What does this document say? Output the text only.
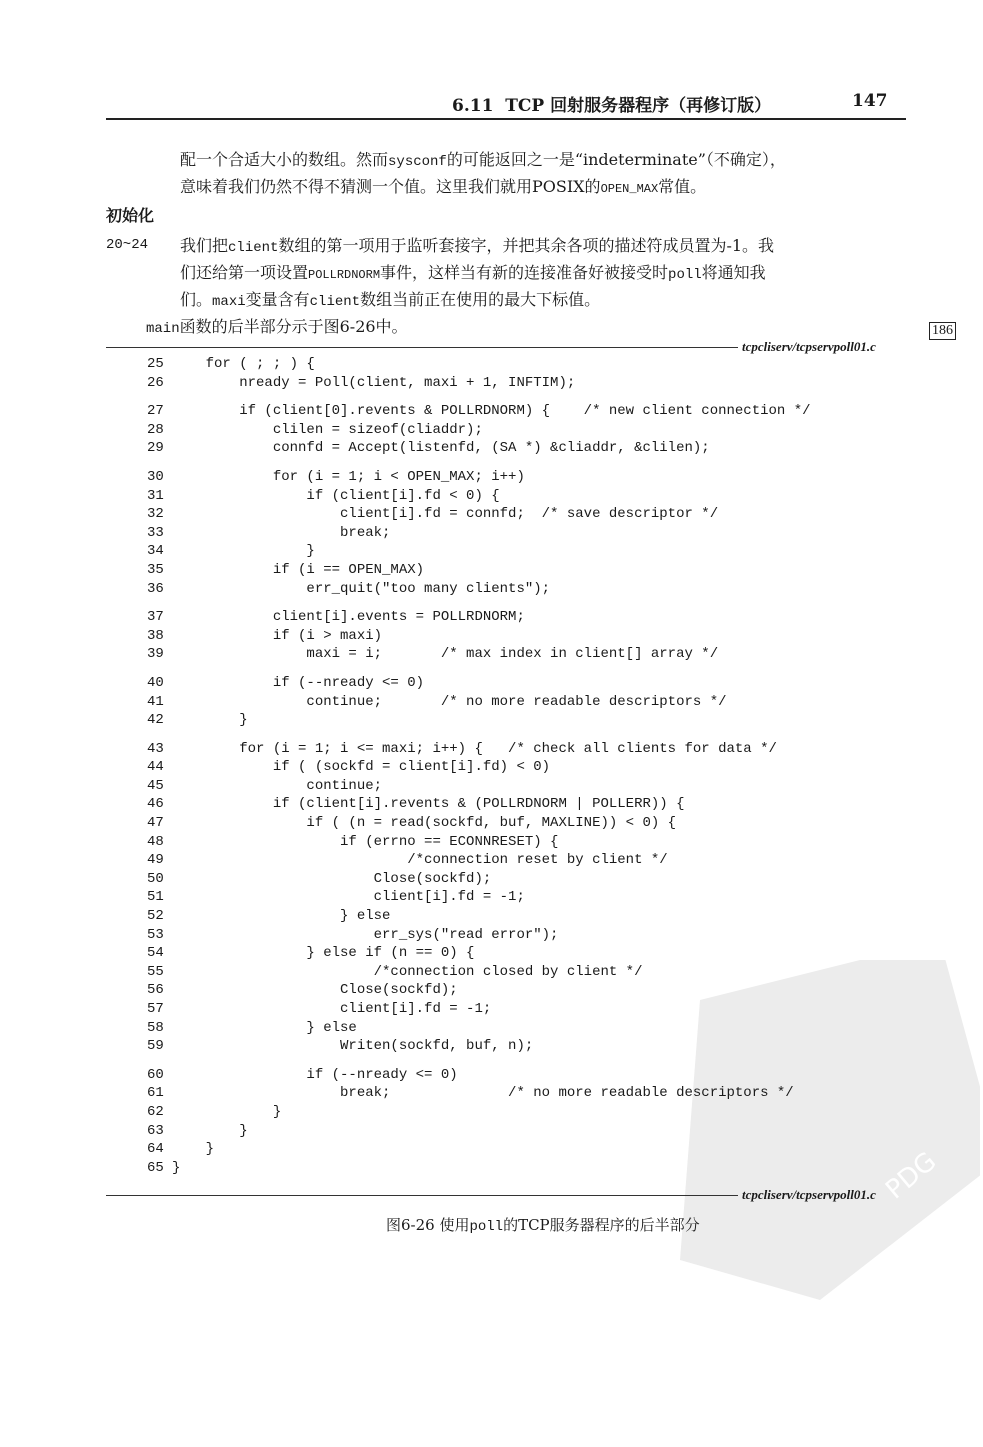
PDG
6.11  TCP 回射服务器程序（再修订版）	147
配一个合适大小的数组。然而sysconf的可能返回之一是“indeterminate”（不确定），
意味着我们仍然不得不猜测一个值。这里我们就用POSIX的OPEN_MAX常值。
初始化
20~24 我们把client数组的第一项用于监听套接字，并把其余各项的描述符成员置为-1。我
们还给第一项设置POLLRDNORM事件，这样当有新的连接准备好被接受时poll将通知我
们。maxi变量含有client数组当前正在使用的最大下标值。
main函数的后半部分示于图6-26中。	186
tcpcliserv/tcpservpoll01.c
25 for ( ; ; ) {
26 nready = Poll(client, maxi + 1, INFTIM);
27 if (client[0].revents & POLLRDNORM) {    /* new client connection */
28 clilen = sizeof(cliaddr);
29 connfd = Accept(listenfd, (SA *) &cliaddr, &clilen);
30 for (i = 1; i < OPEN_MAX; i++)
31 if (client[i].fd < 0) {
32 client[i].fd = connfd;  /* save descriptor */
33 break;
34 }
35 if (i == OPEN_MAX)
36 err_quit("too many clients");
37 client[i].events = POLLRDNORM;
38 if (i > maxi)
39 maxi = i;       /* max index in client[] array */
40 if (--nready <= 0)
41 continue;       /* no more readable descriptors */
42 }
43 for (i = 1; i <= maxi; i++) {   /* check all clients for data */
44 if ( (sockfd = client[i].fd) < 0)
45 continue;
46 if (client[i].revents & (POLLRDNORM | POLLERR)) {
47 if ( (n = read(sockfd, buf, MAXLINE)) < 0) {
48 if (errno == ECONNRESET) {
49 /*connection reset by client */
50 Close(sockfd);
51 client[i].fd = -1;
52 } else
53 err_sys("read error");
54 } else if (n == 0) {
55 /*connection closed by client */
56 Close(sockfd);
57 client[i].fd = -1;
58 } else
59 Writen(sockfd, buf, n);
60 if (--nready <= 0)
61 break;              /* no more readable descriptors */
62 }
63 }
64 }
65 }
tcpcliserv/tcpservpoll01.c
图6-26 使用poll的TCP服务器程序的后半部分
